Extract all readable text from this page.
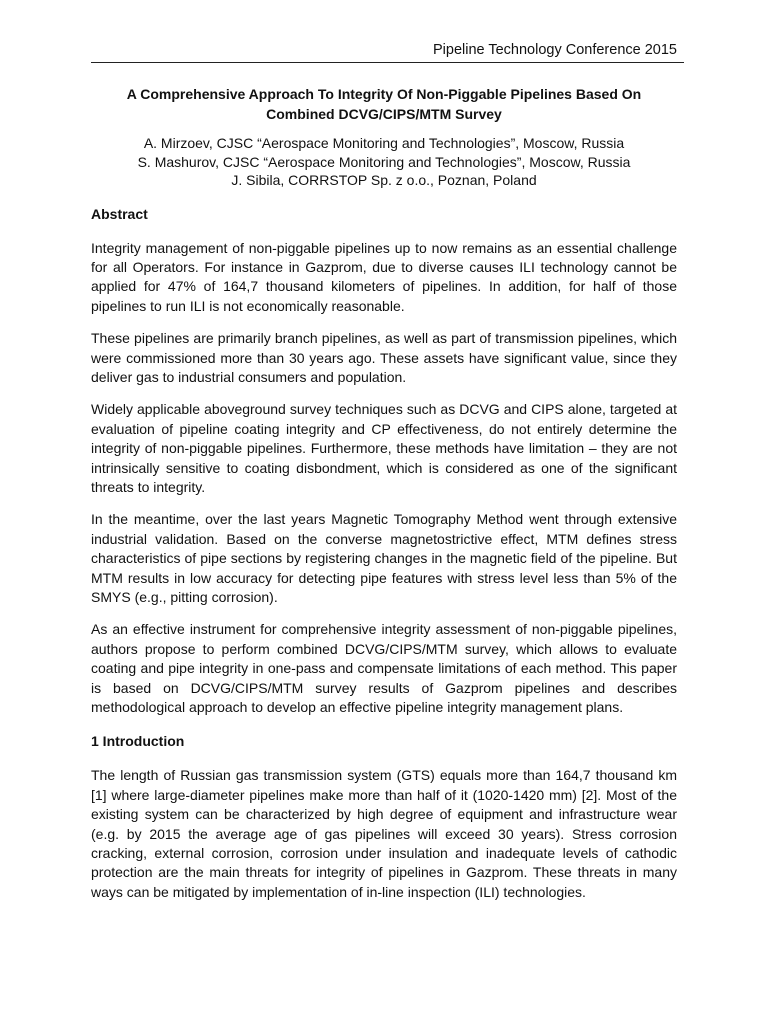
Pipeline Technology Conference 2015
A Comprehensive Approach To Integrity Of Non-Piggable Pipelines Based On Combined DCVG/CIPS/MTM Survey
A. Mirzoev, CJSC “Aerospace Monitoring and Technologies”, Moscow, Russia
S. Mashurov, CJSC “Aerospace Monitoring and Technologies”, Moscow, Russia
J. Sibila, CORRSTOP Sp. z o.o., Poznan, Poland
Abstract

Integrity management of non-piggable pipelines up to now remains as an essential challenge for all Operators. For instance in Gazprom, due to diverse causes ILI technology cannot be applied for 47% of 164,7 thousand kilometers of pipelines. In addition, for half of those pipelines to run ILI is not economically reasonable.

These pipelines are primarily branch pipelines, as well as part of transmission pipelines, which were commissioned more than 30 years ago. These assets have significant value, since they deliver gas to industrial consumers and population.

Widely applicable aboveground survey techniques such as DCVG and CIPS alone, targeted at evaluation of pipeline coating integrity and CP effectiveness, do not entirely determine the integrity of non-piggable pipelines. Furthermore, these methods have limitation – they are not intrinsically sensitive to coating disbondment, which is considered as one of the significant threats to integrity.

In the meantime, over the last years Magnetic Tomography Method went through extensive industrial validation. Based on the converse magnetostrictive effect, MTM defines stress characteristics of pipe sections by registering changes in the magnetic field of the pipeline. But MTM results in low accuracy for detecting pipe features with stress level less than 5% of the SMYS (e.g., pitting corrosion).

As an effective instrument for comprehensive integrity assessment of non-piggable pipelines, authors propose to perform combined DCVG/CIPS/MTM survey, which allows to evaluate coating and pipe integrity in one-pass and compensate limitations of each method. This paper is based on DCVG/CIPS/MTM survey results of Gazprom pipelines and describes methodological approach to develop an effective pipeline integrity management plans.

1 Introduction

The length of Russian gas transmission system (GTS) equals more than 164,7 thousand km [1] where large-diameter pipelines make more than half of it (1020-1420 mm) [2]. Most of the existing system can be characterized by high degree of equipment and infrastructure wear (e.g. by 2015 the average age of gas pipelines will exceed 30 years). Stress corrosion cracking, external corrosion, corrosion under insulation and inadequate levels of cathodic protection are the main threats for integrity of pipelines in Gazprom. These threats in many ways can be mitigated by implementation of in-line inspection (ILI) technologies.
